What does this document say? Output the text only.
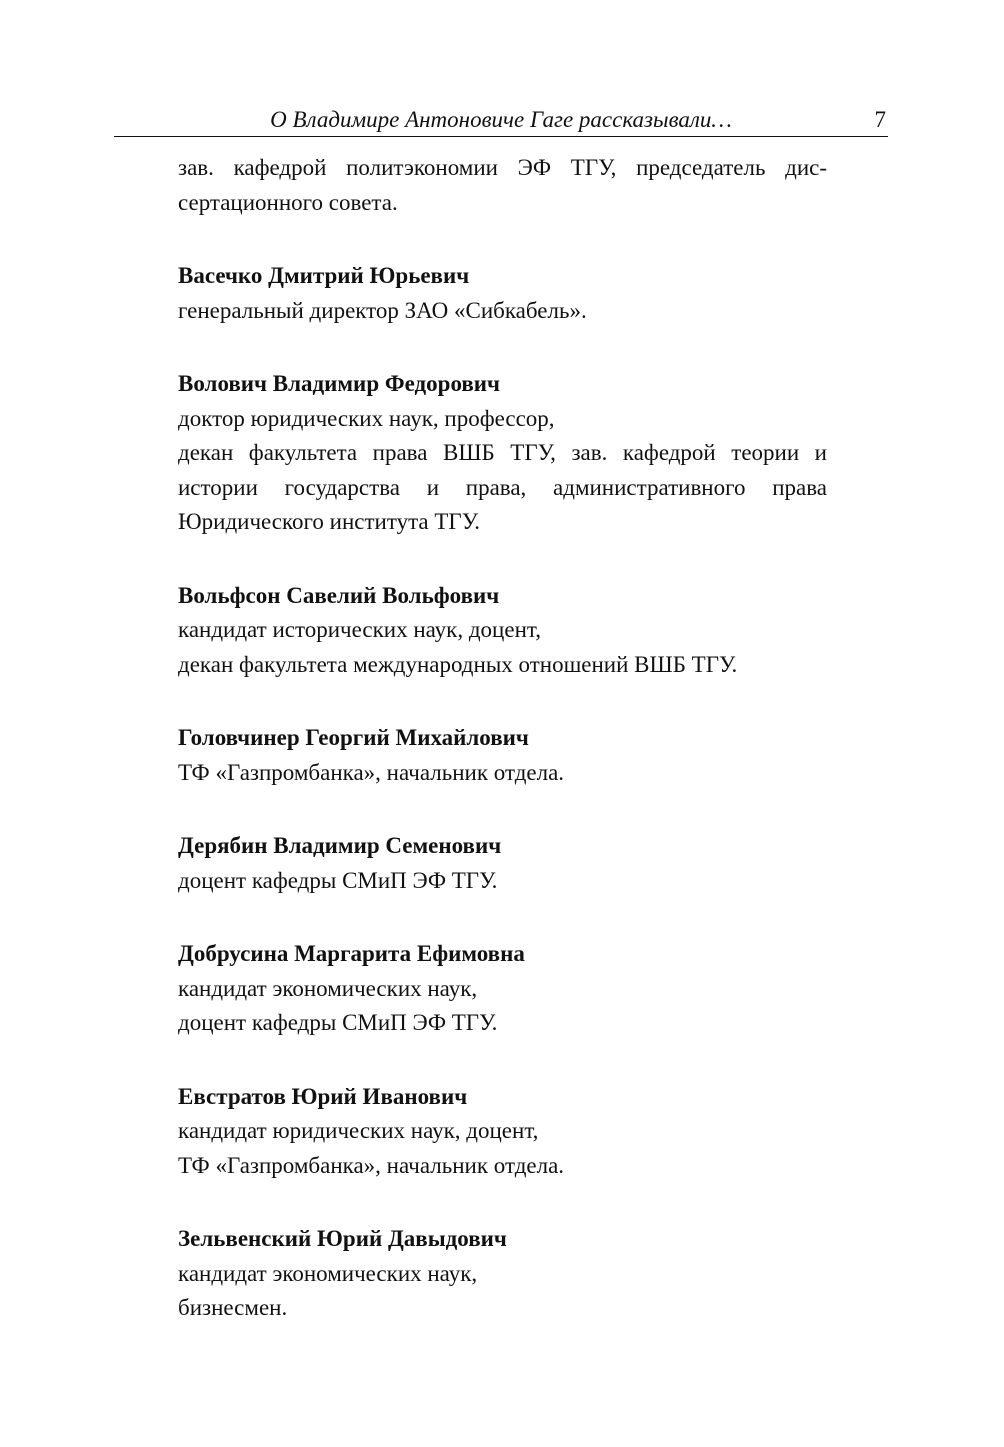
О Владимире Антоновиче Гаге рассказывали…	7

зав. кафедрой политэкономии ЭФ ТГУ, председатель дис-

сертационного совета.

Васечко Дмитрий Юрьевич

генеральный директор ЗАО «Сибкабель».

Волович Владимир Федорович

доктор юридических наук, профессор,

декан факультета права ВШБ ТГУ, зав. кафедрой теории и

истории государства и права, административного права

Юридического института ТГУ.

Вольфсон Савелий Вольфович

кандидат исторических наук, доцент,

декан факультета международных отношений ВШБ ТГУ.

Головчинер Георгий Михайлович

ТФ «Газпромбанка», начальник отдела.

Дерябин Владимир Семенович

доцент кафедры СМиП ЭФ ТГУ.

Добрусина Маргарита Ефимовна

кандидат экономических наук,

доцент кафедры СМиП ЭФ ТГУ.

Евстратов Юрий Иванович

кандидат юридических наук, доцент,

ТФ «Газпромбанка», начальник отдела.

Зельвенский Юрий Давыдович

кандидат экономических наук,

бизнесмен.
